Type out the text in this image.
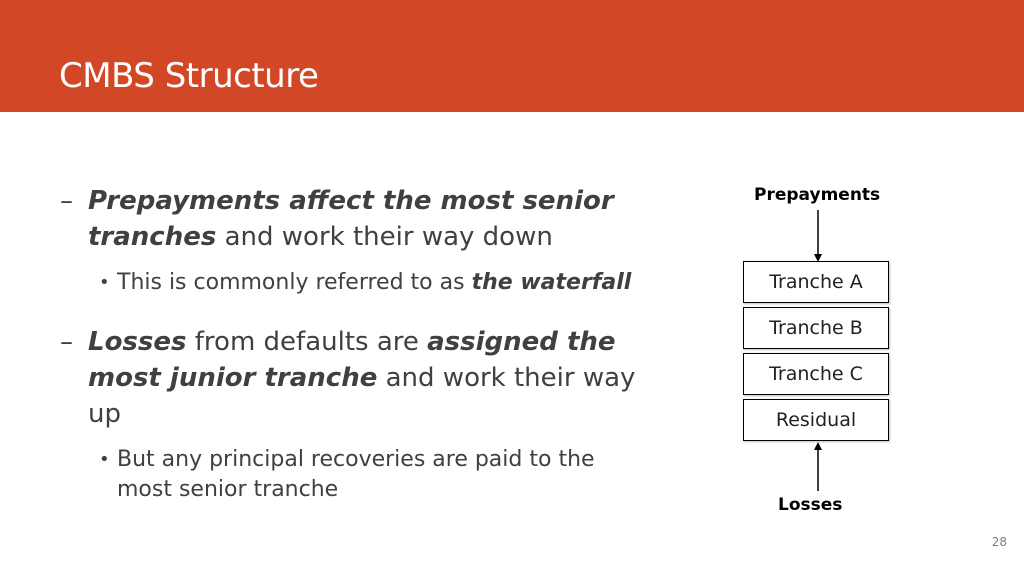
CMBS Structure
– Prepayments affect the most senior tranches and work their way down
• This is commonly referred to as the waterfall
– Losses from defaults are assigned the most junior tranche and work their way up
• But any principal recoveries are paid to the most senior tranche
Prepayments
Tranche A
Tranche B
Tranche C
Residual
Losses
28
